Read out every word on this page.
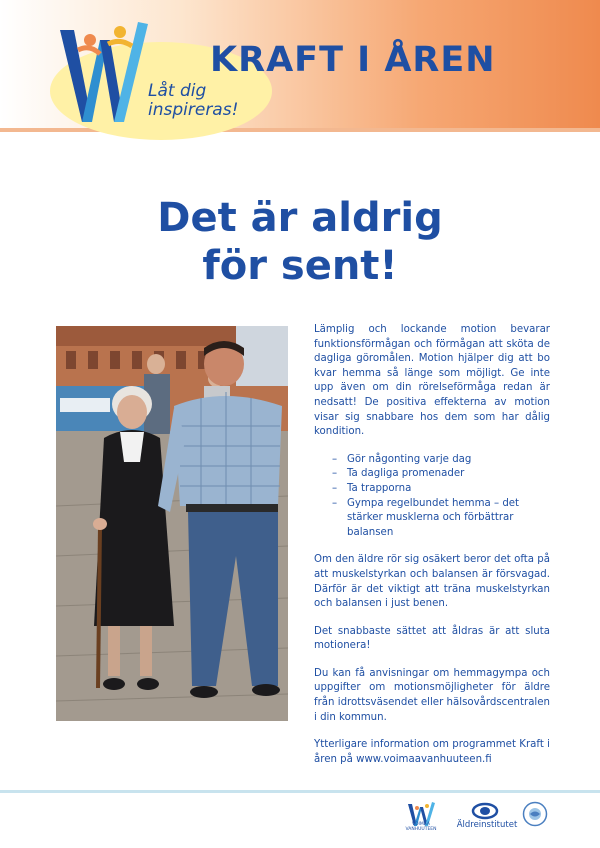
Låt dig inspireras!
KRAFT I ÅREN
Det är aldrig
för sent!

Lämplig och lockande motion bevarar funktionsförmågan och förmågan att sköta de dagliga göromålen. Motion hjälper dig att bo kvar hemma så länge som möjligt. Ge inte upp även om din rörelseförmåga redan är nedsatt! De positiva effekterna av motion visar sig snabbare hos dem som har dålig kondition.

– Gör någonting varje dag
– Ta dagliga promenader
– Ta trapporna
– Gympa regelbundet hemma – det stärker musklerna och förbättrar balansen

Om den äldre rör sig osäkert beror det ofta på att muskelstyrkan och balansen är försvagad. Därför är det viktigt att träna muskelstyrkan och balansen i just benen.

Det snabbaste sättet att åldras är att sluta motionera!

Du kan få anvisningar om hemmagympa och uppgifter om motionsmöjligheter för äldre från idrottsväsendet eller hälsovårdscentralen i din kommun.

Ytterligare information om programmet Kraft i åren på www.voimaavanhuuteen.fi

VOIMAA VANHUUTEEN	Äldreinstitutet
